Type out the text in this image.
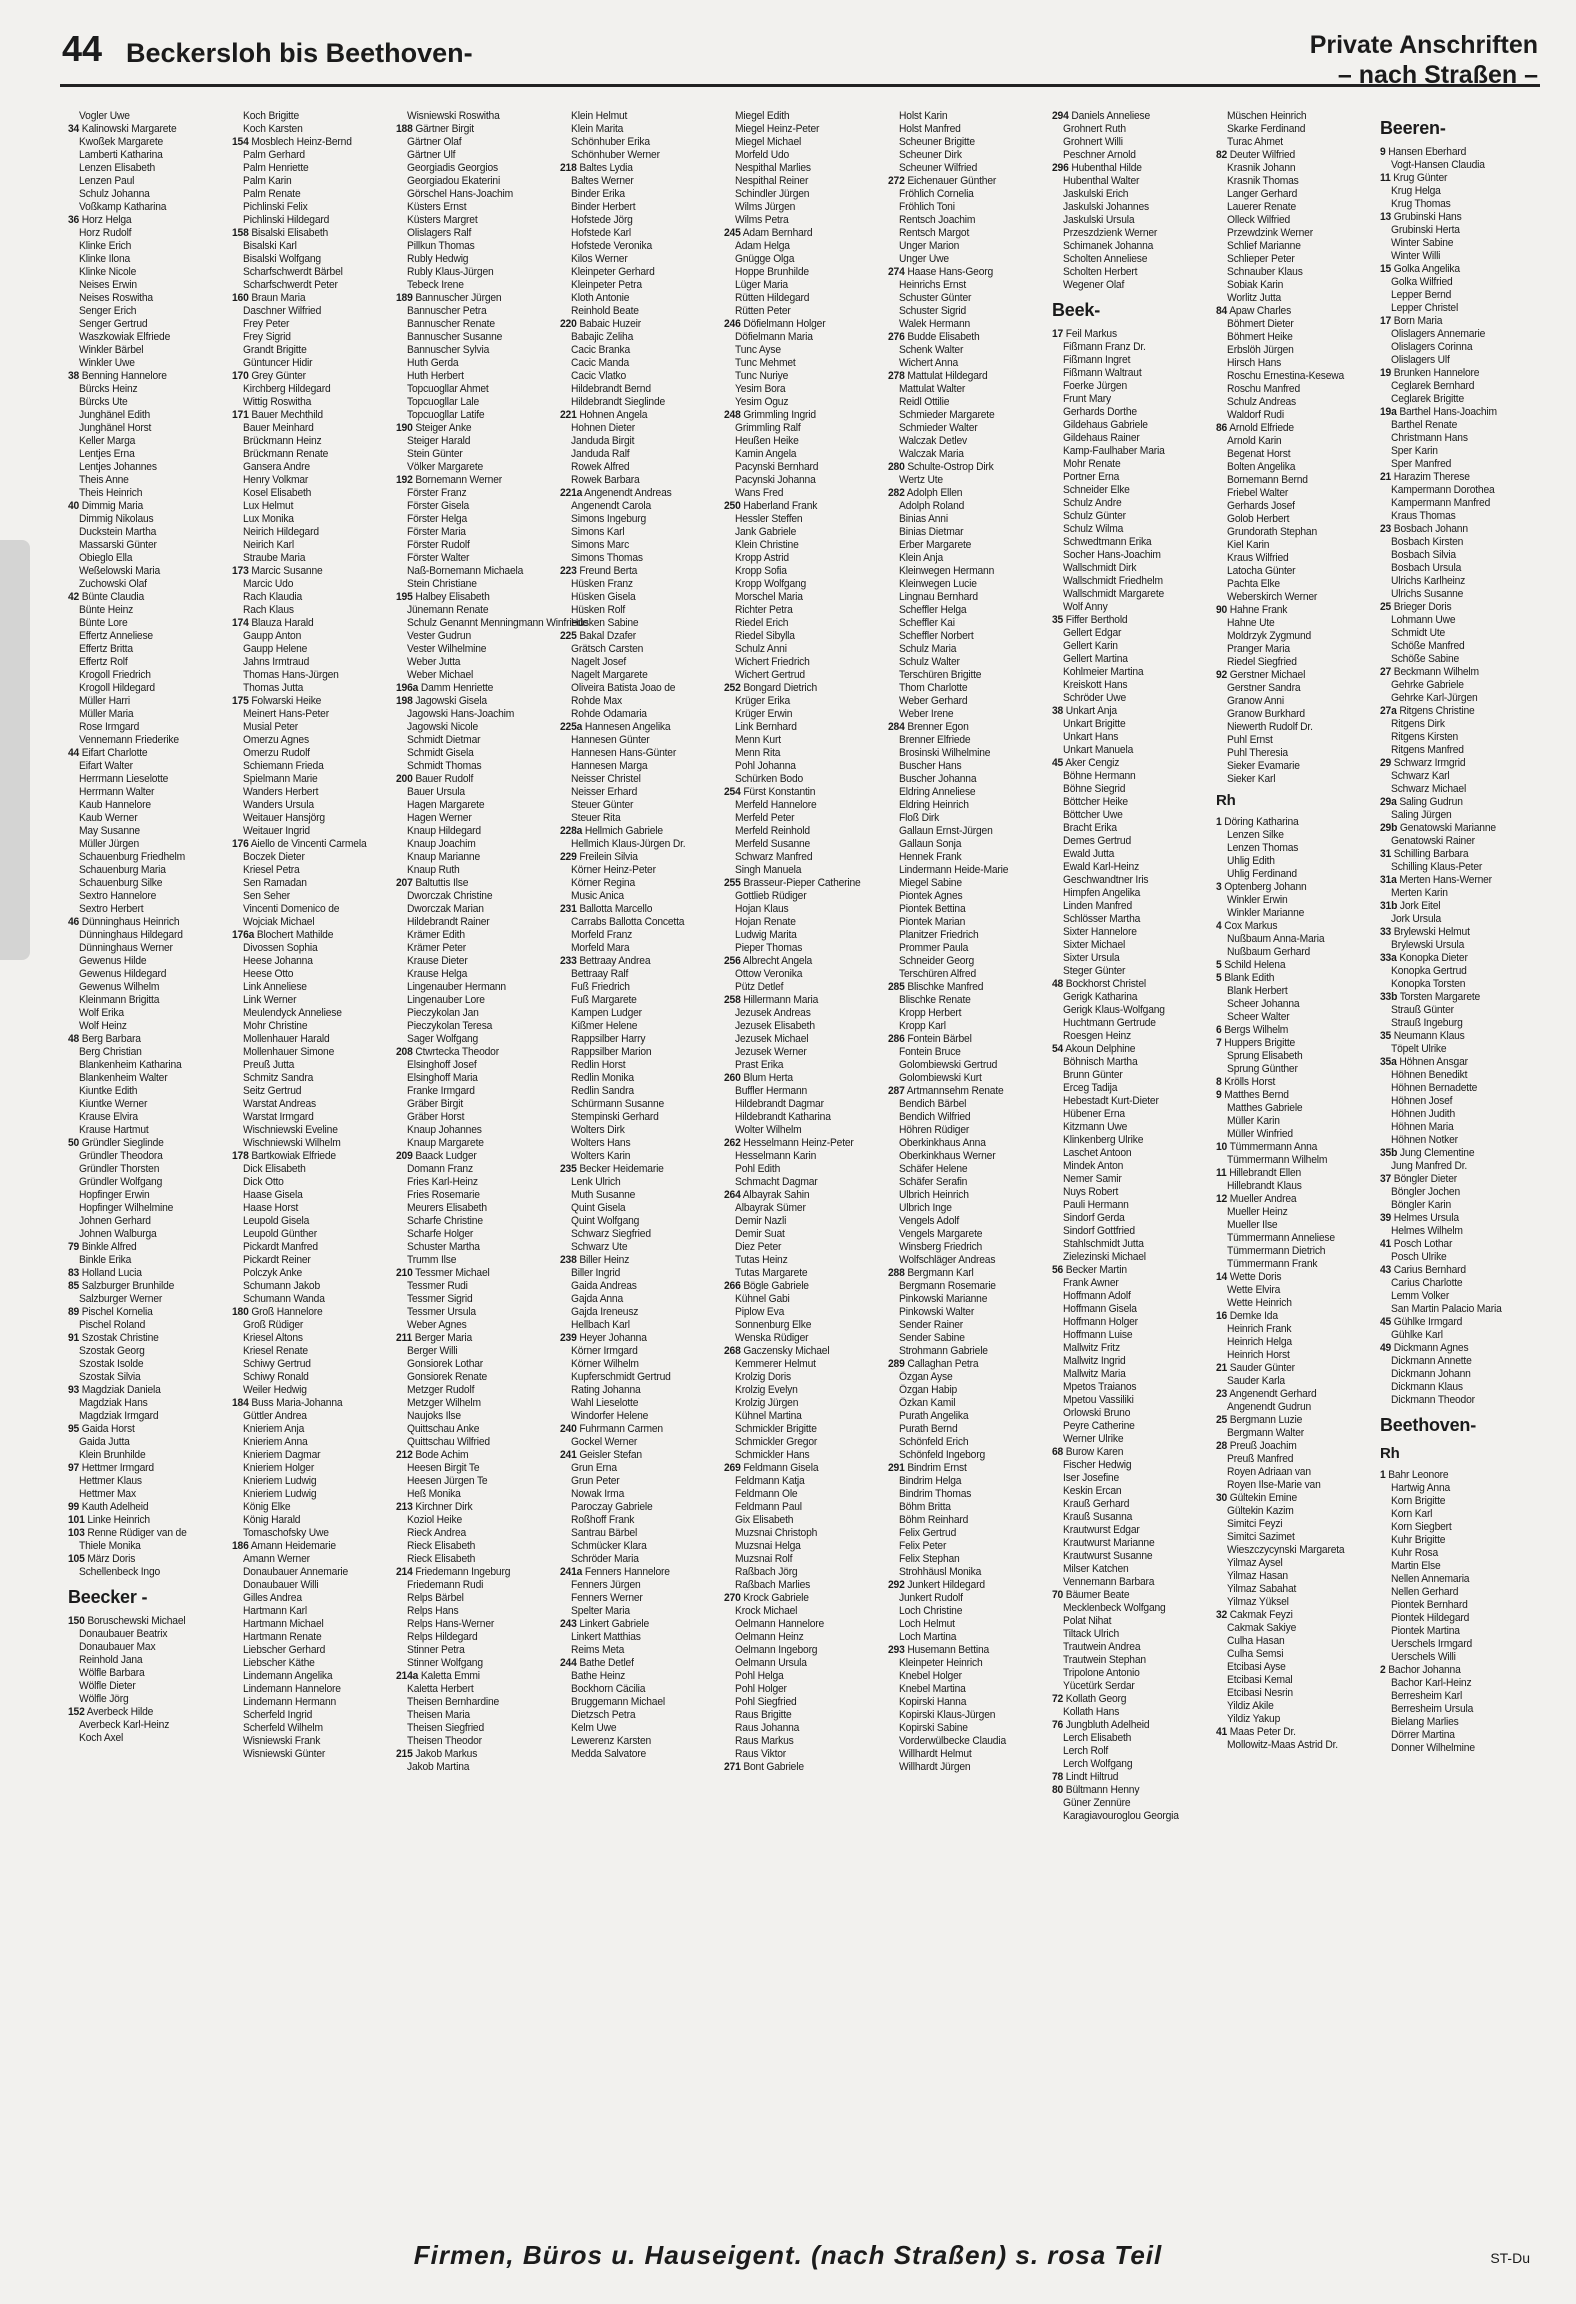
44 Beckersloh bis Beethoven-	Private Anschriften
– nach Straßen –
Vogler Uwe
34 Kalinowski Margarete
Kwoßek Margarete
Lamberti Katharina
Lenzen Elisabeth
Lenzen Paul
Schulz Johanna
Voßkamp Katharina
36 Horz Helga
Horz Rudolf
Klinke Erich
Klinke Ilona
Klinke Nicole
Neises Erwin
Neises Roswitha
Senger Erich
Senger Gertrud
Waszkowiak Elfriede
Winkler Bärbel
Winkler Uwe
38 Benning Hannelore
Bürcks Heinz
Bürcks Ute
Junghänel Edith
Junghänel Horst
Keller Marga
Lentjes Erna
Lentjes Johannes
Theis Anne
Theis Heinrich
40 Dimmig Maria
Dimmig Nikolaus
Duckstein Martha
Massarski Günter
Obieglo Ella
Weßelowski Maria
Zuchowski Olaf
42 Bünte Claudia
Bünte Heinz
Bünte Lore
Effertz Anneliese
Effertz Britta
Effertz Rolf
Krogoll Friedrich
Krogoll Hildegard
Müller Harri
Müller Maria
Rose Irmgard
Vennemann Friederike
44 Eifart Charlotte
Eifart Walter
Herrmann Lieselotte
Herrmann Walter
Kaub Hannelore
Kaub Werner
May Susanne
Müller Jürgen
Schauenburg Friedhelm
Schauenburg Maria
Schauenburg Silke
Sextro Hannelore
Sextro Herbert
46 Dünninghaus Heinrich
Dünninghaus Hildegard
Dünninghaus Werner
Gewenus Hilde
Gewenus Hildegard
Gewenus Wilhelm
Kleinmann Brigitta
Wolf Erika
Wolf Heinz
48 Berg Barbara
Berg Christian
Blankenheim Katharina
Blankenheim Walter
Kiuntke Edith
Kiuntke Werner
Krause Elvira
Krause Hartmut
50 Gründler Sieglinde
Gründler Theodora
Gründler Thorsten
Gründler Wolfgang
Hopfinger Erwin
Hopfinger Wilhelmine
Johnen Gerhard
Johnen Walburga
79 Binkle Alfred
Binkle Erika
83 Holland Lucia
85 Salzburger Brunhilde
Salzburger Werner
89 Pischel Kornelia
Pischel Roland
91 Szostak Christine
Szostak Georg
Szostak Isolde
Szostak Silvia
93 Magdziak Daniela
Magdziak Hans
Magdziak Irmgard
95 Gaida Horst
Gaida Jutta
Klein Brunhilde
97 Hettmer Irmgard
Hettmer Klaus
Hettmer Max
99 Kauth Adelheid
101 Linke Heinrich
103 Renne Rüdiger van de
Thiele Monika
105 März Doris
Schellenbeck Ingo
Beecker -
150 Boruschewski Michael
Donaubauer Beatrix
Donaubauer Max
Reinhold Jana
Wölfle Barbara
Wölfle Dieter
Wölfle Jörg
152 Averbeck Hilde
Averbeck Karl-Heinz
Koch Axel
Koch Brigitte
Koch Karsten
154 Mosblech Heinz-Bernd
Palm Gerhard
Palm Henriette
Palm Karin
Palm Renate
Pichlinski Felix
Pichlinski Hildegard
158 Bisalski Elisabeth
Bisalski Karl
Bisalski Wolfgang
Scharfschwerdt Bärbel
Scharfschwerdt Peter
160 Braun Maria
Daschner Wilfried
Frey Peter
Frey Sigrid
Grandt Brigitte
Güntuncer Hidir
170 Grey Günter
Kirchberg Hildegard
Wittig Roswitha
171 Bauer Mechthild
Bauer Meinhard
Brückmann Heinz
Brückmann Renate
Gansera Andre
Henry Volkmar
Kosel Elisabeth
Lux Helmut
Lux Monika
Neirich Hildegard
Neirich Karl
Straube Maria
173 Marcic Susanne
Marcic Udo
Rach Klaudia
Rach Klaus
174 Blauza Harald
Gaupp Anton
Gaupp Helene
Jahns Irmtraud
Thomas Hans-Jürgen
Thomas Jutta
175 Folwarski Heike
Meinert Hans-Peter
Musial Peter
Omerzu Agnes
Omerzu Rudolf
Schiemann Frieda
Spielmann Marie
Wanders Herbert
Wanders Ursula
Weitauer Hansjörg
Weitauer Ingrid
176 Aiello de Vincenti Carmela
Boczek Dieter
Kriesel Petra
Sen Ramadan
Sen Seher
Vincenti Domenico de
Wojciak Michael
176a Blochert Mathilde
Divossen Sophia
Heese Johanna
Heese Otto
Link Anneliese
Link Werner
Meulendyck Anneliese
Mohr Christine
Mollenhauer Harald
Mollenhauer Simone
Preuß Jutta
Schmitz Sandra
Seitz Gertrud
Warstat Andreas
Warstat Irmgard
Wischniewski Eveline
Wischniewski Wilhelm
178 Bartkowiak Elfriede
Dick Elisabeth
Dick Otto
Haase Gisela
Haase Horst
Leupold Gisela
Leupold Günther
Pickardt Manfred
Pickardt Reiner
Polczyk Anke
Schumann Jakob
Schumann Wanda
180 Groß Hannelore
Groß Rüdiger
Kriesel Altons
Kriesel Renate
Schiwy Gertrud
Schiwy Ronald
Weiler Hedwig
184 Buss Maria-Johanna
Güttler Andrea
Knieriem Anja
Knieriem Anna
Knieriem Dagmar
Knieriem Holger
Knieriem Ludwig
Knieriem Ludwig
König Elke
König Harald
Tomaschofsky Uwe
186 Amann Heidemarie
Amann Werner
Donaubauer Annemarie
Donaubauer Willi
Gilles Andrea
Hartmann Karl
Hartmann Michael
Hartmann Renate
Liebscher Gerhard
Liebscher Käthe
Lindemann Angelika
Lindemann Hannelore
Lindemann Hermann
Scherfeld Ingrid
Scherfeld Wilhelm
Wisniewski Frank
Wisniewski Günter
Wisniewski Roswitha
188 Gärtner Birgit
Gärtner Olaf
Gärtner Ulf
Georgiadis Georgios
Georgiadou Ekaterini
Görschel Hans-Joachim
Küsters Ernst
Küsters Margret
Olislagers Ralf
Pillkun Thomas
Rubly Hedwig
Rubly Klaus-Jürgen
Tebeck Irene
189 Bannuscher Jürgen
Bannuscher Petra
Bannuscher Renate
Bannuscher Susanne
Bannuscher Sylvia
Huth Gerda
Huth Herbert
Topcuogllar Ahmet
Topcuogllar Lale
Topcuogllar Latife
190 Steiger Anke
Steiger Harald
Stein Günter
Völker Margarete
192 Bornemann Werner
Förster Franz
Förster Gisela
Förster Helga
Förster Maria
Förster Rudolf
Förster Walter
Naß-Bornemann Michaela
Stein Christiane
195 Halbey Elisabeth
Jünemann Renate
Schulz Genannt Menningmann Winfriede
Vester Gudrun
Vester Wilhelmine
Weber Jutta
Weber Michael
196a Damm Henriette
198 Jagowski Gisela
Jagowski Hans-Joachim
Jagowski Nicole
Schmidt Dietmar
Schmidt Gisela
Schmidt Thomas
200 Bauer Rudolf
Bauer Ursula
Hagen Margarete
Hagen Werner
Knaup Hildegard
Knaup Joachim
Knaup Marianne
Knaup Ruth
207 Baltuttis Ilse
Dworczak Christine
Dworczak Marian
Hildebrandt Rainer
Krämer Edith
Krämer Peter
Krause Dieter
Krause Helga
Lingenauber Hermann
Lingenauber Lore
Pieczykolan Jan
Pieczykolan Teresa
Sager Wolfgang
208 Ctwrtecka Theodor
Elsinghoff Josef
Elsinghoff Maria
Franke Irmgard
Gräber Birgit
Gräber Horst
Knaup Johannes
Knaup Margarete
209 Baack Ludger
Domann Franz
Fries Karl-Heinz
Fries Rosemarie
Meurers Elisabeth
Scharfe Christine
Scharfe Holger
Schuster Martha
Trumm Ilse
210 Tessmer Michael
Tessmer Rudi
Tessmer Sigrid
Tessmer Ursula
Weber Agnes
211 Berger Maria
Berger Willi
Gonsiorek Lothar
Gonsiorek Renate
Metzger Rudolf
Metzger Wilhelm
Naujoks Ilse
Quittschau Anke
Quittschau Wilfried
212 Bode Achim
Heesen Birgit Te
Heesen Jürgen Te
Heß Monika
213 Kirchner Dirk
Koziol Heike
Rieck Andrea
Rieck Elisabeth
Rieck Elisabeth
214 Friedemann Ingeburg
Friedemann Rudi
Relps Bärbel
Relps Hans
Relps Hans-Werner
Relps Hildegard
Stinner Petra
Stinner Wolfgang
214a Kaletta Emmi
Kaletta Herbert
Theisen Bernhardine
Theisen Maria
Theisen Siegfried
Theisen Theodor
215 Jakob Markus
Jakob Martina
Klein Helmut
Klein Marita
Schönhuber Erika
Schönhuber Werner
218 Baltes Lydia
Baltes Werner
Binder Erika
Binder Herbert
Hofstede Jörg
Hofstede Karl
Hofstede Veronika
Kilos Werner
Kleinpeter Gerhard
Kleinpeter Petra
Kloth Antonie
Reinhold Beate
220 Babaic Huzeir
Babajic Zeliha
Cacic Branka
Cacic Manda
Cacic Vlatko
Hildebrandt Bernd
Hildebrandt Sieglinde
221 Hohnen Angela
Hohnen Dieter
Janduda Birgit
Janduda Ralf
Rowek Alfred
Rowek Barbara
221a Angenendt Andreas
Angenendt Carola
Simons Ingeburg
Simons Karl
Simons Marc
Simons Thomas
223 Freund Berta
Hüsken Franz
Hüsken Gisela
Hüsken Rolf
Hüsken Sabine
225 Bakal Dzafer
Grätsch Carsten
Nagelt Josef
Nagelt Margarete
Oliveira Batista Joao de
Rohde Max
Rohde Odamaria
225a Hannesen Angelika
Hannesen Günter
Hannesen Hans-Günter
Hannesen Marga
Neisser Christel
Neisser Erhard
Steuer Günter
Steuer Rita
228a Hellmich Gabriele
Hellmich Klaus-Jürgen Dr.
229 Freilein Silvia
Körner Heinz-Peter
Körner Regina
Music Anica
231 Ballotta Marcello
Carrabs Ballotta Concetta
Morfeld Franz
Morfeld Mara
233 Bettraay Andrea
Bettraay Ralf
Fuß Friedrich
Fuß Margarete
Kampen Ludger
Kißmer Helene
Rappsilber Harry
Rappsilber Marion
Redlin Horst
Redlin Monika
Redlin Sandra
Schürmann Susanne
Stempinski Gerhard
Wolters Dirk
Wolters Hans
Wolters Karin
235 Becker Heidemarie
Lenk Ulrich
Muth Susanne
Quint Gisela
Quint Wolfgang
Schwarz Siegfried
Schwarz Ute
238 Biller Heinz
Biller Ingrid
Gaida Andreas
Gajda Anna
Gajda Ireneusz
Hellbach Karl
239 Heyer Johanna
Körner Irmgard
Körner Wilhelm
Kupferschmidt Gertrud
Rating Johanna
Wahl Lieselotte
Windorfer Helene
240 Fuhrmann Carmen
Gockel Werner
241 Geisler Stefan
Grun Erna
Grun Peter
Nowak Irma
Paroczay Gabriele
Roßhoff Frank
Santrau Bärbel
Schmücker Klara
Schröder Maria
241a Fenners Hannelore
Fenners Jürgen
Fenners Werner
Spelter Maria
243 Linkert Gabriele
Linkert Matthias
Reims Meta
244 Bathe Detlef
Bathe Heinz
Bockhorn Cäcilia
Bruggemann Michael
Dietzsch Petra
Kelm Uwe
Lewerenz Karsten
Medda Salvatore
Miegel Edith
Miegel Heinz-Peter
Miegel Michael
Morfeld Udo
Nespithal Marlies
Nespithal Reiner
Schindler Jürgen
Wilms Jürgen
Wilms Petra
245 Adam Bernhard
Adam Helga
Gnügge Olga
Hoppe Brunhilde
Lüger Maria
Rütten Hildegard
Rütten Peter
246 Döfielmann Holger
Döfielmann Maria
Tunc Ayse
Tunc Mehmet
Tunc Nuriye
Yesim Bora
Yesim Oguz
248 Grimmling Ingrid
Grimmling Ralf
Heußen Heike
Kamin Angela
Pacynski Bernhard
Pacynski Johanna
Wans Fred
250 Haberland Frank
Hessler Steffen
Jank Gabriele
Klein Christine
Kropp Astrid
Kropp Sofia
Kropp Wolfgang
Morschel Maria
Richter Petra
Riedel Erich
Riedel Sibylla
Schulz Anni
Wichert Friedrich
Wichert Gertrud
252 Bongard Dietrich
Krüger Erika
Krüger Erwin
Link Bernhard
Menn Kurt
Menn Rita
Pohl Johanna
Schürken Bodo
254 Fürst Konstantin
Merfeld Hannelore
Merfeld Peter
Merfeld Reinhold
Merfeld Susanne
Schwarz Manfred
Singh Manuela
255 Brasseur-Pieper Catherine
Gottlieb Rüdiger
Hojan Klaus
Hojan Renate
Ludwig Marita
Pieper Thomas
256 Albrecht Angela
Ottow Veronika
Pütz Detlef
258 Hillermann Maria
Jezusek Andreas
Jezusek Elisabeth
Jezusek Michael
Jezusek Werner
Prast Erika
260 Blum Herta
Buffler Hermann
Hildebrandt Dagmar
Hildebrandt Katharina
Wolter Wilhelm
262 Hesselmann Heinz-Peter
Hesselmann Karin
Pohl Edith
Schmacht Dagmar
264 Albayrak Sahin
Albayrak Sümer
Demir Nazli
Demir Suat
Diez Peter
Tutas Heinz
Tutas Margarete
266 Bögle Gabriele
Kühnel Gabi
Piplow Eva
Sonnenburg Elke
Wenska Rüdiger
268 Gaczensky Michael
Kemmerer Helmut
Krolzig Doris
Krolzig Evelyn
Krolzig Jürgen
Kühnel Martina
Schmickler Brigitte
Schmickler Gregor
Schmickler Hans
269 Feldmann Gisela
Feldmann Katja
Feldmann Ole
Feldmann Paul
Gix Elisabeth
Muzsnai Christoph
Muzsnai Helga
Muzsnai Rolf
Raßbach Jörg
Raßbach Marlies
270 Krock Gabriele
Krock Michael
Oelmann Hannelore
Oelmann Heinz
Oelmann Ingeborg
Oelmann Ursula
Pohl Helga
Pohl Holger
Pohl Siegfried
Raus Brigitte
Raus Johanna
Raus Markus
Raus Viktor
271 Bont Gabriele
Holst Karin
Holst Manfred
Scheuner Brigitte
Scheuner Dirk
Scheuner Wilfried
272 Eichenauer Günther
Fröhlich Cornelia
Fröhlich Toni
Rentsch Joachim
Rentsch Margot
Unger Marion
Unger Uwe
274 Haase Hans-Georg
Heinrichs Ernst
Schuster Günter
Schuster Sigrid
Walek Hermann
276 Budde Elisabeth
Schenk Walter
Wichert Anna
278 Mattulat Hildegard
Mattulat Walter
Reidl Ottilie
Schmieder Margarete
Schmieder Walter
Walczak Detlev
Walczak Maria
280 Schulte-Ostrop Dirk
Wertz Ute
282 Adolph Ellen
Adolph Roland
Binias Anni
Binias Dietmar
Erber Margarete
Klein Anja
Kleinwegen Hermann
Kleinwegen Lucie
Lingnau Bernhard
Scheffler Helga
Scheffler Kai
Scheffler Norbert
Schulz Maria
Schulz Walter
Terschüren Brigitte
Thom Charlotte
Weber Gerhard
Weber Irene
284 Brenner Egon
Brenner Elfriede
Brosinski Wilhelmine
Buscher Hans
Buscher Johanna
Eldring Anneliese
Eldring Heinrich
Floß Dirk
Gallaun Ernst-Jürgen
Gallaun Sonja
Hennek Frank
Lindermann Heide-Marie
Miegel Sabine
Piontek Agnes
Piontek Bettina
Piontek Marian
Planitzer Friedrich
Prommer Paula
Schneider Georg
Terschüren Alfred
285 Blischke Manfred
Blischke Renate
Kropp Herbert
Kropp Karl
286 Fontein Bärbel
Fontein Bruce
Golombiewski Gertrud
Golombiewski Kurt
287 Artmannsehm Renate
Bendich Bärbel
Bendich Wilfried
Höhren Rüdiger
Oberkinkhaus Anna
Oberkinkhaus Werner
Schäfer Helene
Schäfer Serafin
Ulbrich Heinrich
Ulbrich Inge
Vengels Adolf
Vengels Margarete
Winsberg Friedrich
Wolfschläger Andreas
288 Bergmann Karl
Bergmann Rosemarie
Pinkowski Marianne
Pinkowski Walter
Sender Rainer
Sender Sabine
Strohmann Gabriele
289 Callaghan Petra
Özgan Ayse
Özgan Habip
Özkan Kamil
Purath Angelika
Purath Bernd
Schönfeld Erich
Schönfeld Ingeborg
291 Bindrim Ernst
Bindrim Helga
Bindrim Thomas
Böhm Britta
Böhm Reinhard
Felix Gertrud
Felix Peter
Felix Stephan
Strohhäusl Monika
292 Junkert Hildegard
Junkert Rudolf
Loch Christine
Loch Helmut
Loch Martina
293 Husemann Bettina
Kleinpeter Heinrich
Knebel Holger
Knebel Martina
Kopirski Hanna
Kopirski Klaus-Jürgen
Kopirski Sabine
Vorderwülbecke Claudia
Willhardt Helmut
Willhardt Jürgen
294 Daniels Anneliese
Grohnert Ruth
Grohnert Willi
Peschner Arnold
296 Hubenthal Hilde
Hubenthal Walter
Jaskulski Erich
Jaskulski Johannes
Jaskulski Ursula
Przeszdzienk Werner
Schimanek Johanna
Scholten Anneliese
Scholten Herbert
Wegener Olaf
Beek-
17 Feil Markus
Fißmann Franz Dr.
Fißmann Ingret
Fißmann Waltraut
Foerke Jürgen
Frunt Mary
Gerhards Dorthe
Gildehaus Gabriele
Gildehaus Rainer
Kamp-Faulhaber Maria
Mohr Renate
Portner Erna
Schneider Elke
Schulz Andre
Schulz Günter
Schulz Wilma
Schwedtmann Erika
Socher Hans-Joachim
Wallschmidt Dirk
Wallschmidt Friedhelm
Wallschmidt Margarete
Wolf Anny
35 Fiffer Berthold
Gellert Edgar
Gellert Karin
Gellert Martina
Kohlmeier Martina
Kreiskott Hans
Schröder Uwe
38 Unkart Anja
Unkart Brigitte
Unkart Hans
Unkart Manuela
45 Aker Cengiz
Böhne Hermann
Böhne Siegrid
Böttcher Heike
Böttcher Uwe
Bracht Erika
Demes Gertrud
Ewald Jutta
Ewald Karl-Heinz
Geschwandtner Iris
Himpfen Angelika
Linden Manfred
Schlösser Martha
Sixter Hannelore
Sixter Michael
Sixter Ursula
Steger Günter
48 Bockhorst Christel
Gerigk Katharina
Gerigk Klaus-Wolfgang
Huchtmann Gertrude
Roesgen Heinz
54 Akoun Delphine
Böhnisch Martha
Brunn Günter
Erceg Tadija
Hebestadt Kurt-Dieter
Hübener Erna
Kitzmann Uwe
Klinkenberg Ulrike
Laschet Antoon
Mindek Anton
Nemer Samir
Nuys Robert
Pauli Hermann
Sindorf Gerda
Sindorf Gottfried
Stahlschmidt Jutta
Zielezinski Michael
56 Becker Martin
Frank Awner
Hoffmann Adolf
Hoffmann Gisela
Hoffmann Holger
Hoffmann Luise
Mallwitz Fritz
Mallwitz Ingrid
Mallwitz Maria
Mpetos Traianos
Mpetou Vassiliki
Orlowski Bruno
Peyre Catherine
Werner Ulrike
68 Burow Karen
Fischer Hedwig
Iser Josefine
Keskin Ercan
Krauß Gerhard
Krauß Susanna
Krautwurst Edgar
Krautwurst Marianne
Krautwurst Susanne
Milser Katchen
Vennemann Barbara
70 Bäumer Beate
Mecklenbeck Wolfgang
Polat Nihat
Tiltack Ulrich
Trautwein Andrea
Trautwein Stephan
Tripolone Antonio
Yücetürk Serdar
72 Kollath Georg
Kollath Hans
76 Jungbluth Adelheid
Lerch Elisabeth
Lerch Rolf
Lerch Wolfgang
78 Lindt Hiltrud
80 Bültmann Henny
Güner Zennüre
Karagiavouroglou Georgia
Müschen Heinrich
Skarke Ferdinand
Turac Ahmet
82 Deuter Wilfried
Krasnik Johann
Krasnik Thomas
Langer Gerhard
Lauerer Renate
Olleck Wilfried
Przewdzink Werner
Schlief Marianne
Schlieper Peter
Schnauber Klaus
Sobiak Karin
Worlitz Jutta
84 Apaw Charles
Böhmert Dieter
Böhmert Heike
Erbslöh Jürgen
Hirsch Hans
Roschu Ernestina-Kesewa
Roschu Manfred
Schulz Andreas
Waldorf Rudi
86 Arnold Elfriede
Arnold Karin
Begenat Horst
Bolten Angelika
Bornemann Bernd
Friebel Walter
Gerhards Josef
Golob Herbert
Grundorath Stephan
Kiel Karin
Kraus Wilfried
Latocha Günter
Pachta Elke
Weberskirch Werner
90 Hahne Frank
Hahne Ute
Moldrzyk Zygmund
Pranger Maria
Riedel Siegfried
92 Gerstner Michael
Gerstner Sandra
Granow Anni
Granow Burkhard
Niewerth Rudolf Dr.
Puhl Ernst
Puhl Theresia
Sieker Evamarie
Sieker Karl
Rh
1 Döring Katharina
Lenzen Silke
Lenzen Thomas
Uhlig Edith
Uhlig Ferdinand
3 Optenberg Johann
Winkler Erwin
Winkler Marianne
4 Cox Markus
Nußbaum Anna-Maria
Nußbaum Gerhard
5 Schild Helena
5 Blank Edith
Blank Herbert
Scheer Johanna
Scheer Walter
6 Bergs Wilhelm
7 Huppers Brigitte
Sprung Elisabeth
Sprung Günther
8 Krölls Horst
9 Matthes Bernd
Matthes Gabriele
Müller Karin
Müller Winfried
10 Tümmermann Anna
Tümmermann Wilhelm
11 Hillebrandt Ellen
Hillebrandt Klaus
12 Mueller Andrea
Mueller Heinz
Mueller Ilse
Tümmermann Anneliese
Tümmermann Dietrich
Tümmermann Frank
14 Wette Doris
Wette Elvira
Wette Heinrich
16 Demke Ida
Heinrich Frank
Heinrich Helga
Heinrich Horst
21 Sauder Günter
Sauder Karla
23 Angenendt Gerhard
Angenendt Gudrun
25 Bergmann Luzie
Bergmann Walter
28 Preuß Joachim
Preuß Manfred
Royen Adriaan van
Royen Ilse-Marie van
30 Gültekin Emine
Gültekin Kazim
Simitci Feyzi
Simitci Sazimet
Wieszczycynski Margareta
Yilmaz Aysel
Yilmaz Hasan
Yilmaz Sabahat
Yilmaz Yüksel
32 Cakmak Feyzi
Cakmak Sakiye
Culha Hasan
Culha Semsi
Etcibasi Ayse
Etcibasi Kemal
Etcibasi Nesrin
Yildiz Akile
Yildiz Yakup
41 Maas Peter Dr.
Mollowitz-Maas Astrid Dr.
Beeren-
9 Hansen Eberhard
Vogt-Hansen Claudia
11 Krug Günter
Krug Helga
Krug Thomas
13 Grubinski Hans
Grubinski Herta
Winter Sabine
Winter Willi
15 Golka Angelika
Golka Wilfried
Lepper Bernd
Lepper Christel
17 Born Maria
Olislagers Annemarie
Olislagers Corinna
Olislagers Ulf
19 Brunken Hannelore
Ceglarek Bernhard
Ceglarek Brigitte
19a Barthel Hans-Joachim
Barthel Renate
Christmann Hans
Sper Karin
Sper Manfred
21 Harazim Therese
Kampermann Dorothea
Kampermann Manfred
Kraus Thomas
23 Bosbach Johann
Bosbach Kirsten
Bosbach Silvia
Bosbach Ursula
Ulrichs Karlheinz
Ulrichs Susanne
25 Brieger Doris
Lohmann Uwe
Schmidt Ute
Schöße Manfred
Schöße Sabine
27 Beckmann Wilhelm
Gehrke Gabriele
Gehrke Karl-Jürgen
27a Ritgens Christine
Ritgens Dirk
Ritgens Kirsten
Ritgens Manfred
29 Schwarz Irmgrid
Schwarz Karl
Schwarz Michael
29a Saling Gudrun
Saling Jürgen
29b Genatowski Marianne
Genatowski Rainer
31 Schilling Barbara
Schilling Klaus-Peter
31a Merten Hans-Werner
Merten Karin
31b Jork Eitel
Jork Ursula
33 Brylewski Helmut
Brylewski Ursula
33a Konopka Dieter
Konopka Gertrud
Konopka Torsten
33b Torsten Margarete
Strauß Günter
Strauß Ingeburg
35 Neumann Klaus
Töpelt Ulrike
35a Höhnen Ansgar
Höhnen Benedikt
Höhnen Bernadette
Höhnen Josef
Höhnen Judith
Höhnen Maria
Höhnen Notker
35b Jung Clementine
Jung Manfred Dr.
37 Böngler Dieter
Böngler Jochen
Böngler Karin
39 Helmes Ursula
Helmes Wilhelm
41 Posch Lothar
Posch Ulrike
43 Carius Bernhard
Carius Charlotte
Lemm Volker
San Martin Palacio Maria
45 Gühlke Irmgard
Gühlke Karl
49 Dickmann Agnes
Dickmann Annette
Dickmann Johann
Dickmann Klaus
Dickmann Theodor
Beethoven-
Rh
1 Bahr Leonore
Hartwig Anna
Korn Brigitte
Korn Karl
Korn Siegbert
Kuhr Brigitte
Kuhr Rosa
Martin Else
Nellen Annemaria
Nellen Gerhard
Piontek Bernhard
Piontek Hildegard
Piontek Martina
Uerschels Irmgard
Uerschels Willi
2 Bachor Johanna
Bachor Karl-Heinz
Berresheim Karl
Berresheim Ursula
Bielang Marlies
Dörrer Martina
Donner Wilhelmine
Firmen, Büros u. Hauseigent. (nach Straßen) s. rosa Teil	ST-Du
